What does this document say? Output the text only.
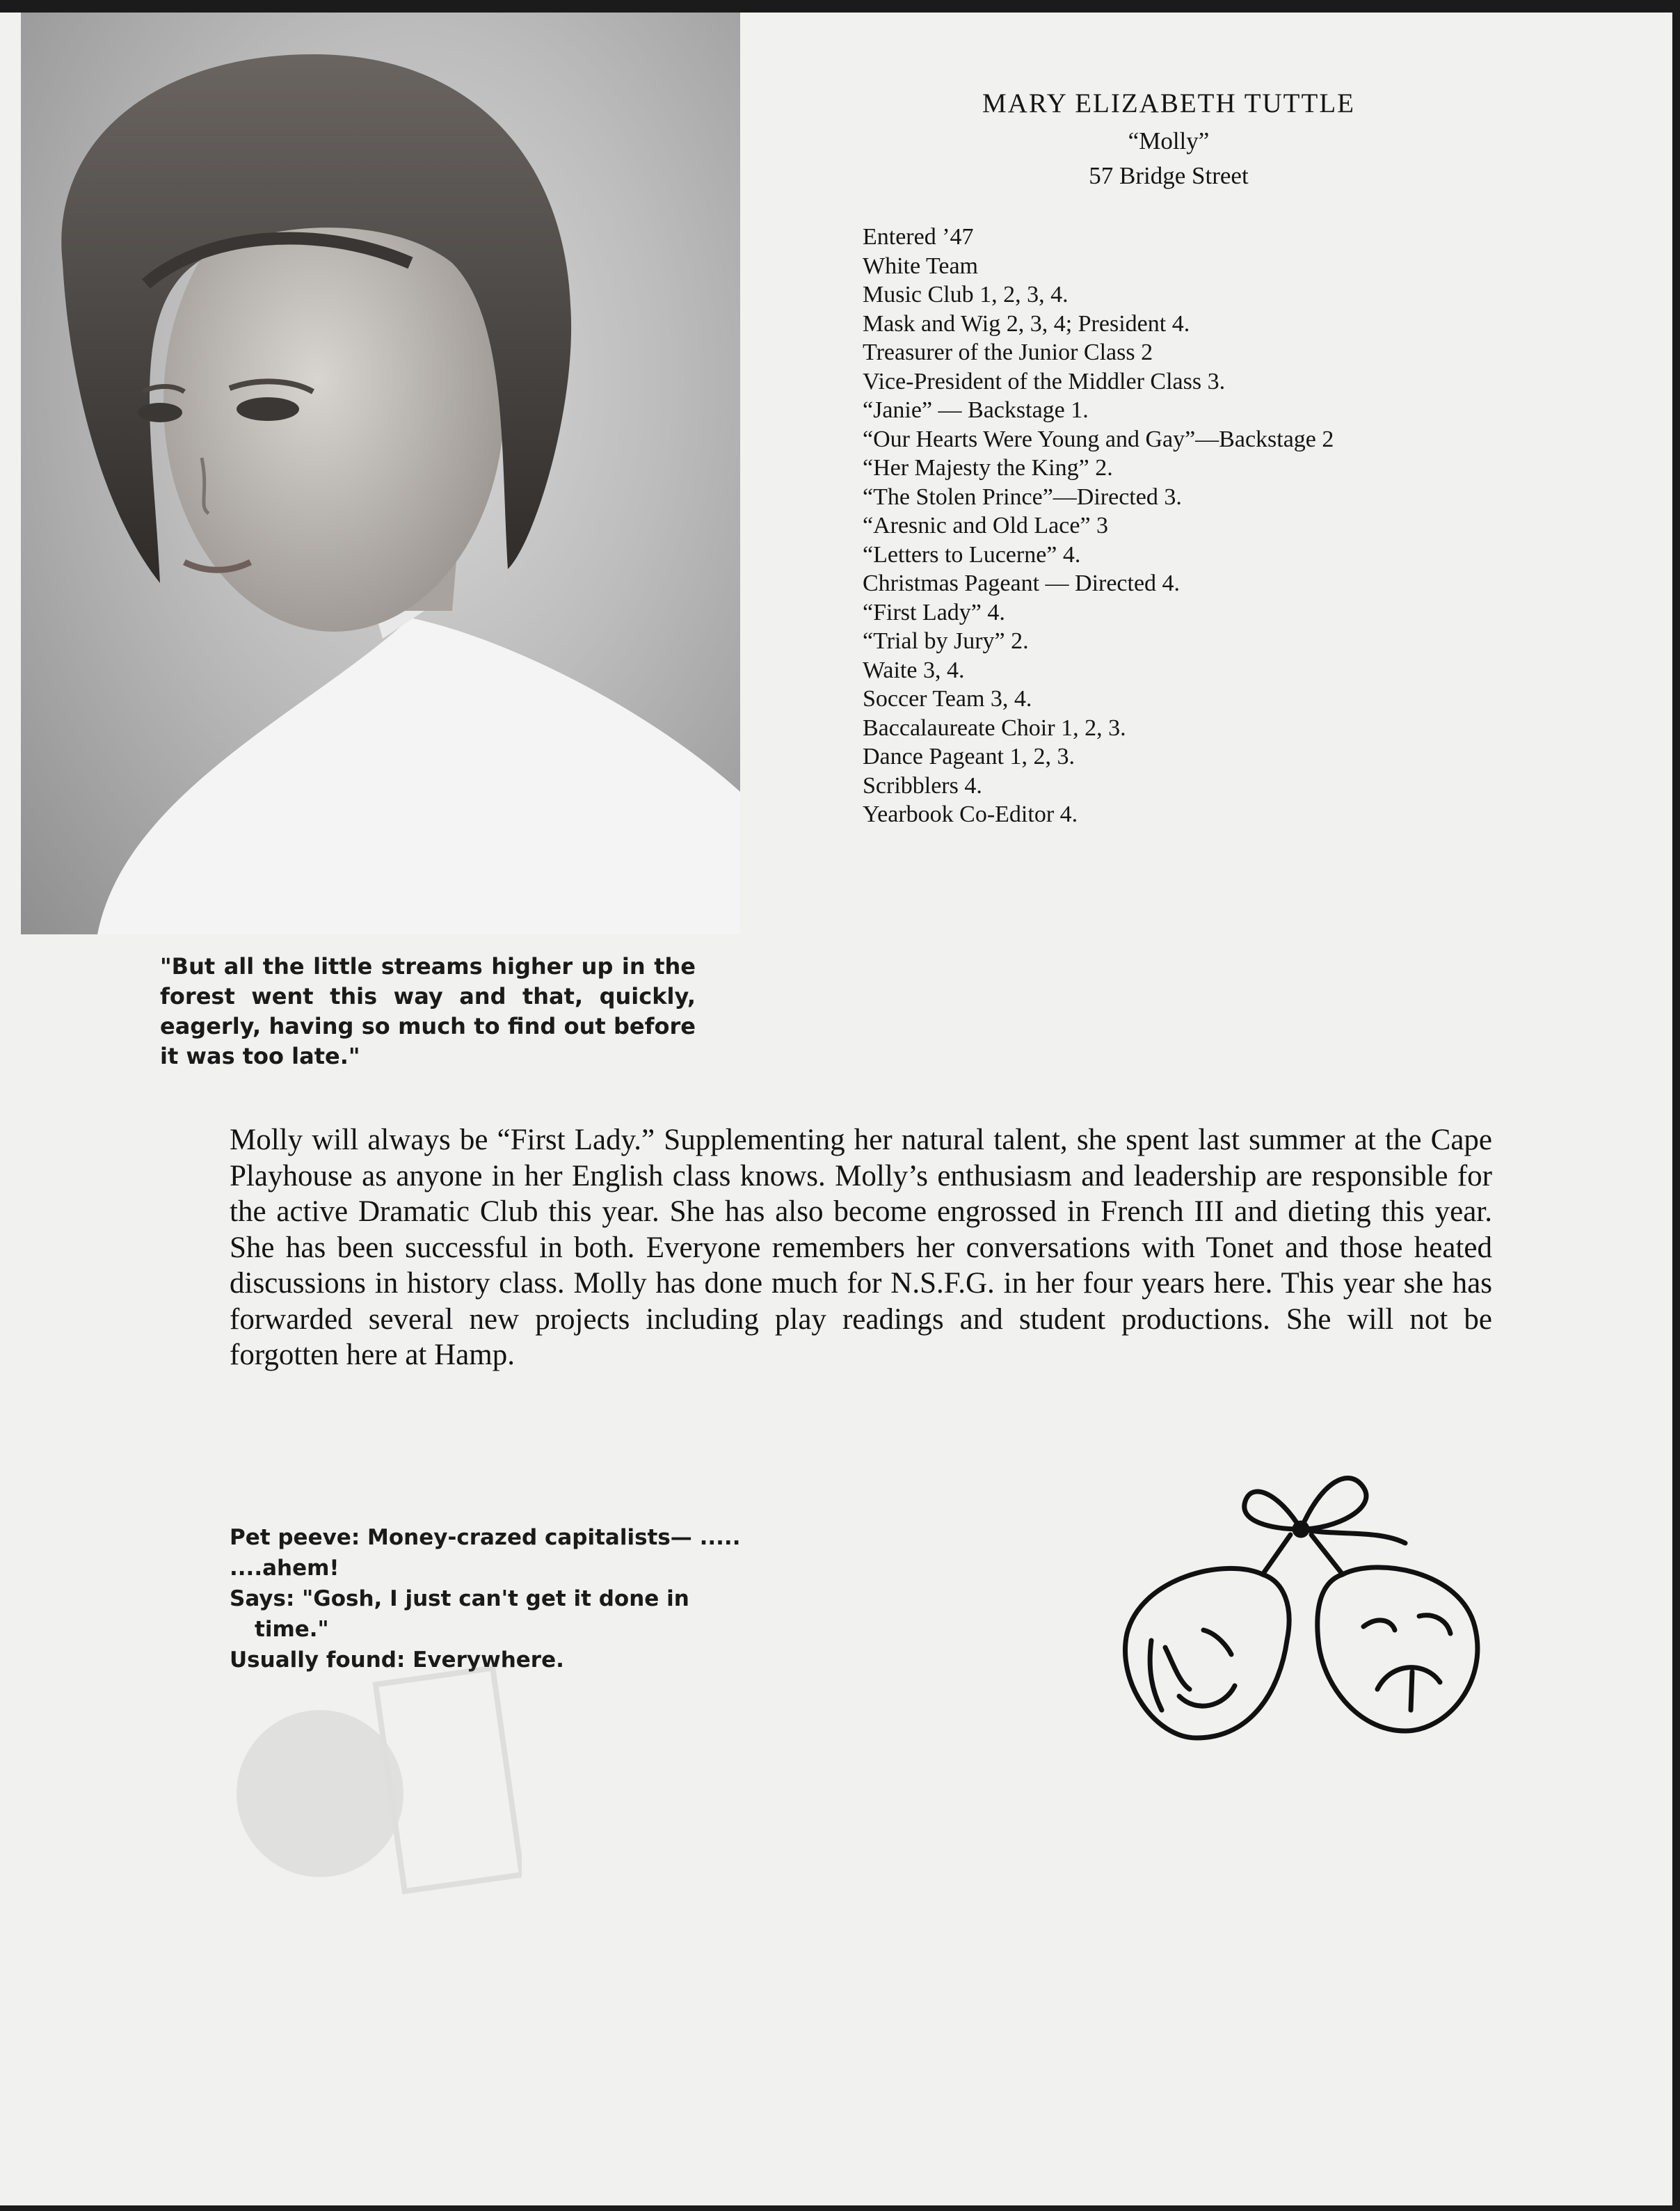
"But all the little streams higher up in the forest went this way and that, quickly, eagerly, having so much to find out before it was too late."
MARY ELIZABETH TUTTLE
“Molly”
57 Bridge Street
Entered ’47
White Team
Music Club 1, 2, 3, 4.
Mask and Wig 2, 3, 4; President 4.
Treasurer of the Junior Class 2
Vice-President of the Middler Class 3.
“Janie” — Backstage 1.
“Our Hearts Were Young and Gay”—Backstage 2
“Her Majesty the King” 2.
“The Stolen Prince”—Directed 3.
“Aresnic and Old Lace” 3
“Letters to Lucerne” 4.
Christmas Pageant — Directed 4.
“First Lady” 4.
“Trial by Jury” 2.
Waite 3, 4.
Soccer Team 3, 4.
Baccalaureate Choir 1, 2, 3.
Dance Pageant 1, 2, 3.
Scribblers 4.
Yearbook Co-Editor 4.

Molly will always be “First Lady.” Supplementing her natural talent, she spent last summer at the Cape Playhouse as anyone in her English class knows. Molly’s enthusiasm and leadership are responsible for the active Dramatic Club this year. She has also become engrossed in French III and dieting this year. She has been successful in both. Everyone remembers her conversations with Tonet and those heated discussions in history class. Molly has done much for N.S.F.G. in her four years here. This year she has forwarded several new projects including play readings and student productions. She will not be forgotten here at Hamp.

Pet peeve: Money-crazed capitalists— .....

....ahem!

Says: "Gosh, I just can't get it done in

time."

Usually found: Everywhere.
